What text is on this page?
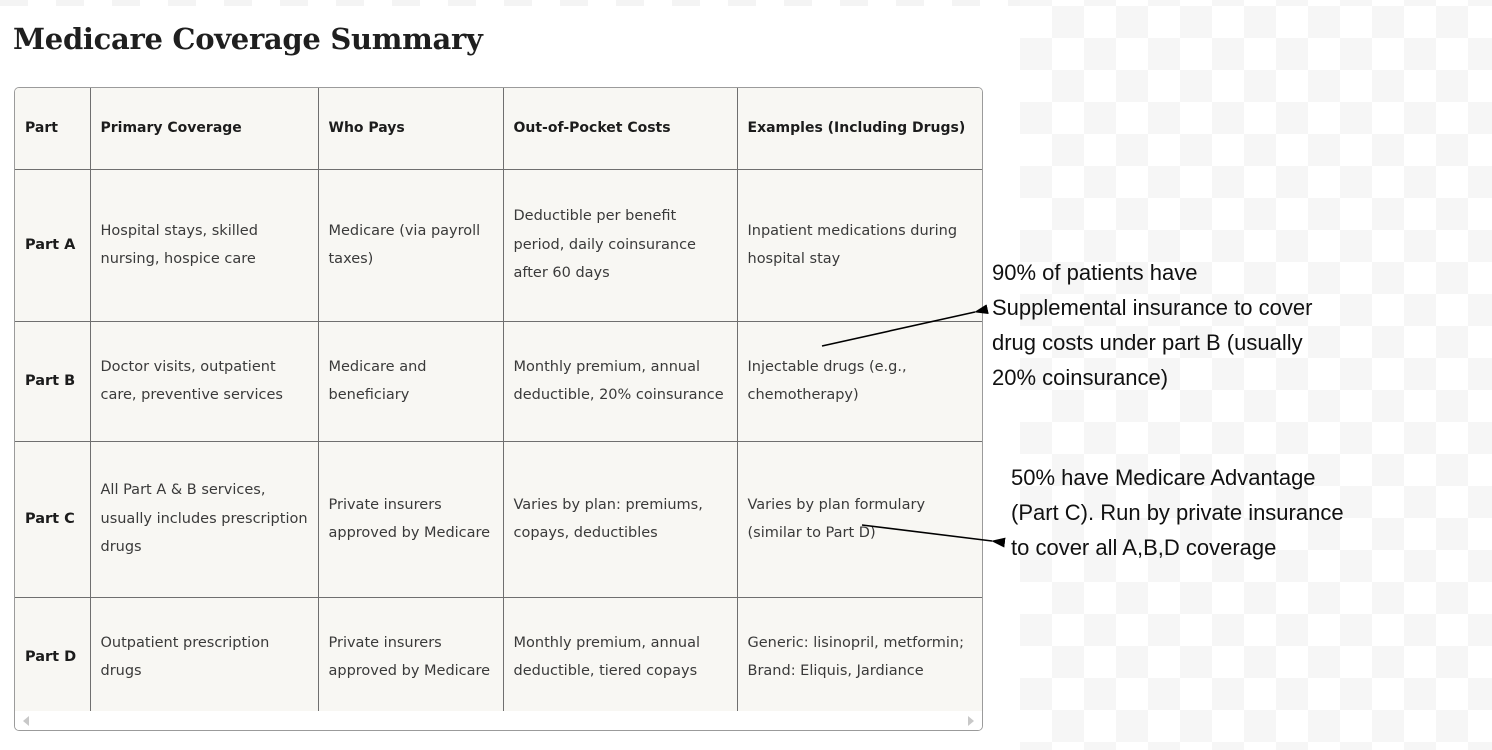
Medicare Coverage Summary
Part	Primary Coverage	Who Pays	Out-of-Pocket Costs	Examples (Including Drugs)
Part A	Hospital stays, skilled nursing, hospice care	Medicare (via payroll taxes)	Deductible per benefit period, daily coinsurance after 60 days	Inpatient medications during hospital stay
Part B	Doctor visits, outpatient care, preventive services	Medicare and beneficiary	Monthly premium, annual deductible, 20% coinsurance	Injectable drugs (e.g., chemotherapy)
Part C	All Part A & B services, usually includes prescription drugs	Private insurers approved by Medicare	Varies by plan: premiums, copays, deductibles	Varies by plan formulary (similar to Part D)
Part D	Outpatient prescription drugs	Private insurers approved by Medicare	Monthly premium, annual deductible, tiered copays	Generic: lisinopril, metformin; Brand: Eliquis, Jardiance
90% of patients have
Supplemental insurance to cover
drug costs under part B (usually
20% coinsurance)
50% have Medicare Advantage
(Part C). Run by private insurance
to cover all A,B,D coverage
